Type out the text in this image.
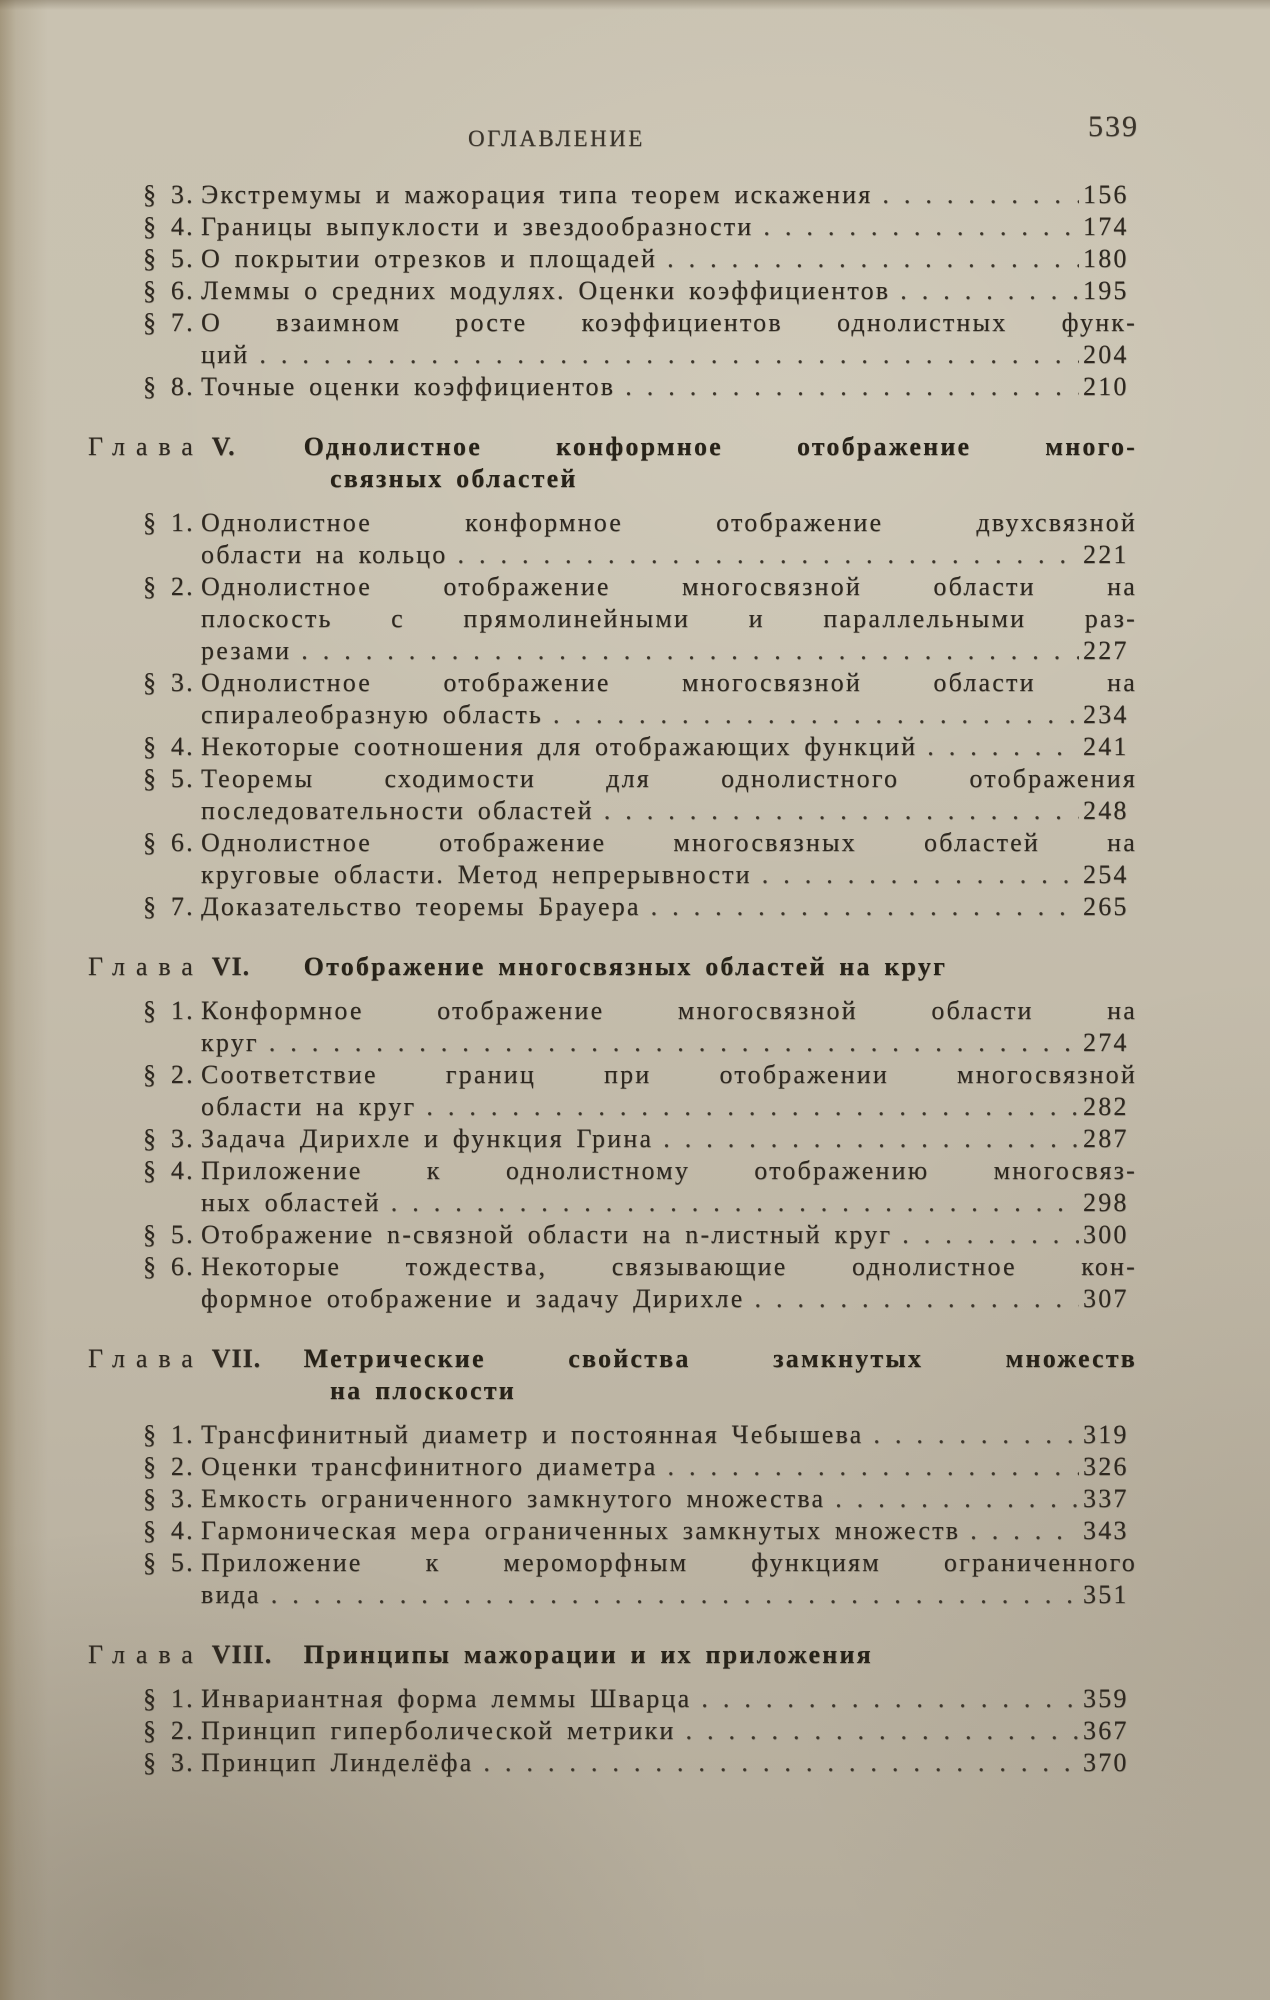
ОГЛАВЛЕНИЕ	539
§ 3. Экстремумы и мажорация типа теорем искажения .....	156
§ 4. Границы выпуклости и звездообразности .....	174
§ 5. О покрытии отрезков и площадей .....	180
§ 6. Леммы о средних модулях. Оценки коэффициентов .....	195
§ 7. О взаимном росте коэффициентов однолистных функ-
ций .....	204
§ 8. Точные оценки коэффициентов .....	210
Глава V.	Однолистное конформное отображение много-
связных областей
§ 1. Однолистное конформное отображение двухсвязной
области на кольцо .....	221
§ 2. Однолистное отображение многосвязной области на
плоскость с прямолинейными и параллельными раз-
резами .....	227
§ 3. Однолистное отображение многосвязной области на
спиралеобразную область .....	234
§ 4. Некоторые соотношения для отображающих функций .....	241
§ 5. Теоремы сходимости для однолистного отображения
последовательности областей .....	248
§ 6. Однолистное отображение многосвязных областей на
круговые области. Метод непрерывности .....	254
§ 7. Доказательство теоремы Брауера .....	265
Глава VI.	Отображение многосвязных областей на круг
§ 1. Конформное отображение многосвязной области на
круг .....	274
§ 2. Соответствие границ при отображении многосвязной
области на круг .....	282
§ 3. Задача Дирихле и функция Грина .....	287
§ 4. Приложение к однолистному отображению многосвяз-
ных областей .....	298
§ 5. Отображение n-связной области на n-листный круг .....	300
§ 6. Некоторые тождества, связывающие однолистное кон-
формное отображение и задачу Дирихле .....	307
Глава VII.	Метрические свойства замкнутых множеств
на плоскости
§ 1. Трансфинитный диаметр и постоянная Чебышева .....	319
§ 2. Оценки трансфинитного диаметра .....	326
§ 3. Емкость ограниченного замкнутого множества .....	337
§ 4. Гармоническая мера ограниченных замкнутых множеств .....	343
§ 5. Приложение к мероморфным функциям ограниченного
вида .....	351
Глава VIII.	Принципы мажорации и их приложения
§ 1. Инвариантная форма леммы Шварца .....	359
§ 2. Принцип гиперболической метрики .....	367
§ 3. Принцип Линделёфа .....	370
